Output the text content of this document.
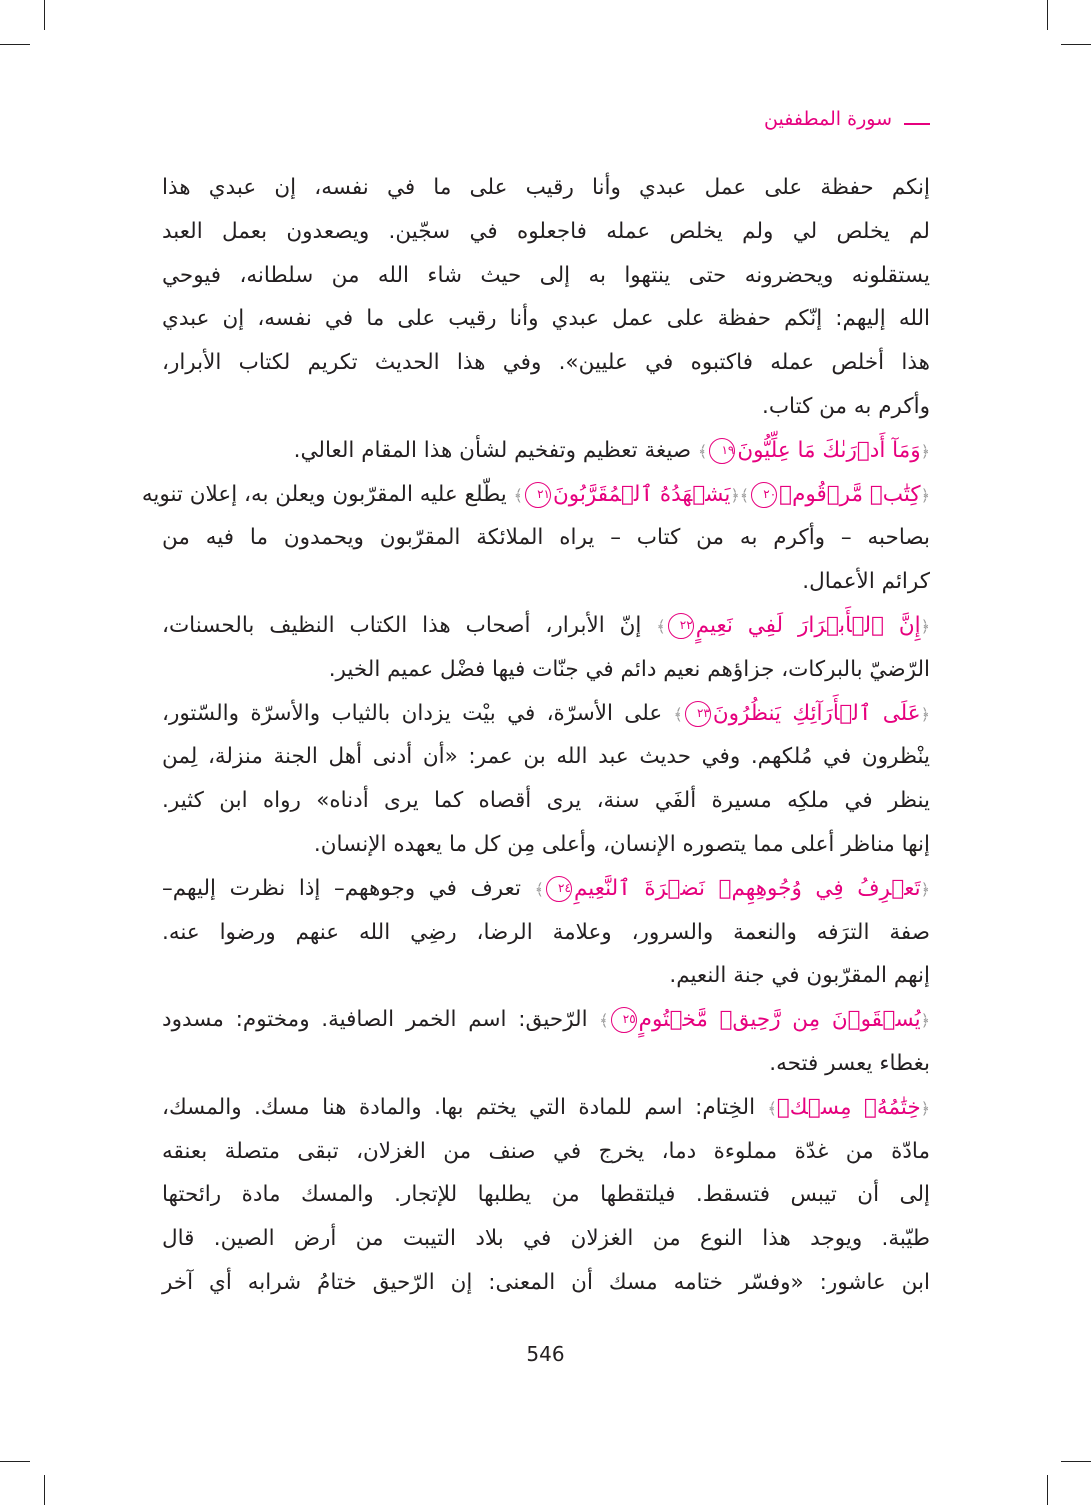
سورة المطففين
إنكم حفظة على عمل عبدي وأنا رقيب على ما في نفسه، إن عبدي هذا
لم يخلص لي ولم يخلص عمله فاجعلوه في سجّين. ويصعدون بعمل العبد
يستقلونه ويحضرونه حتى ينتهوا به إلى حيث شاء الله من سلطانه، فيوحي
الله إليهم: إنّكم حفظة على عمل عبدي وأنا رقيب على ما في نفسه، إن عبدي
هذا أخلص عمله فاكتبوه في عليين». وفي هذا الحديث تكريم لكتاب الأبرار،
وأكرم به من كتاب.
﴿وَمَآ أَدۡرَىٰكَ مَا عِلِّيُّونَ١٩﴾ صيغة تعظيم وتفخيم لشأن هذا المقام العالي.
﴿كِتَٰبٞ مَّرۡقُومٞ٢٠﴾﴿يَشۡهَدُهُ ٱلۡمُقَرَّبُونَ٢١﴾ يطّلع عليه المقرّبون ويعلن به، إعلان تنويه
بصاحبه – وأكرم به من كتاب – يراه الملائكة المقرّبون ويحمدون ما فيه من
كرائم الأعمال.
﴿إِنَّ ٱلۡأَبۡرَارَ لَفِي نَعِيمٍ٢٢﴾ إنّ الأبرار، أصحاب هذا الكتاب النظيف بالحسنات،
الرّضيّ بالبركات، جزاؤهم نعيم دائم في جنّات فيها فضْل عميم الخير.
﴿عَلَى ٱلۡأَرَآئِكِ يَنظُرُونَ٢٣﴾ على الأسرّة، في بيْت يزدان بالثياب والأسرّة والسّتور،
ينْظرون في مُلكهم. وفي حديث عبد الله بن عمر: «أن أدنى أهل الجنة منزلة، لِمن
ينظر في ملكِه مسيرة ألفَي سنة، يرى أقصاه كما يرى أدناه» رواه ابن كثير.
إنها مناظر أعلى مما يتصوره الإنسان، وأعلى مِن كل ما يعهده الإنسان.
﴿تَعۡرِفُ فِي وُجُوهِهِمۡ نَضۡرَةَ ٱلنَّعِيمِ٢٤﴾ تعرف في وجوههم– إذا نظرت إليهم–
صفة الترَفه والنعمة والسرور، وعلامة الرضا، رضِي الله عنهم ورضوا عنه.
إنهم المقرّبون في جنة النعيم.
﴿يُسۡقَوۡنَ مِن رَّحِيقٖ مَّخۡتُومٍ٢٥﴾ الرّحيق: اسم الخمر الصافية. ومختوم: مسدود
بغطاء يعسر فتحه.
﴿خِتَٰمُهُۥ مِسۡكٞ﴾ الخِتام: اسم للمادة التي يختم بها. والمادة هنا مسك. والمسك،
مادّة من غدّة مملوءة دما، يخرج في صنف من الغزلان، تبقى متصلة بعنقه
إلى أن تيبس فتسقط. فيلتقطها من يطلبها للإتجار. والمسك مادة رائحتها
طيّبة. ويوجد هذا النوع من الغزلان في بلاد التيبت من أرض الصين. قال
ابن عاشور: «وفسّر ختامه مسك أن المعنى: إن الرّحيق ختامُ شرابه أي آخر
546
